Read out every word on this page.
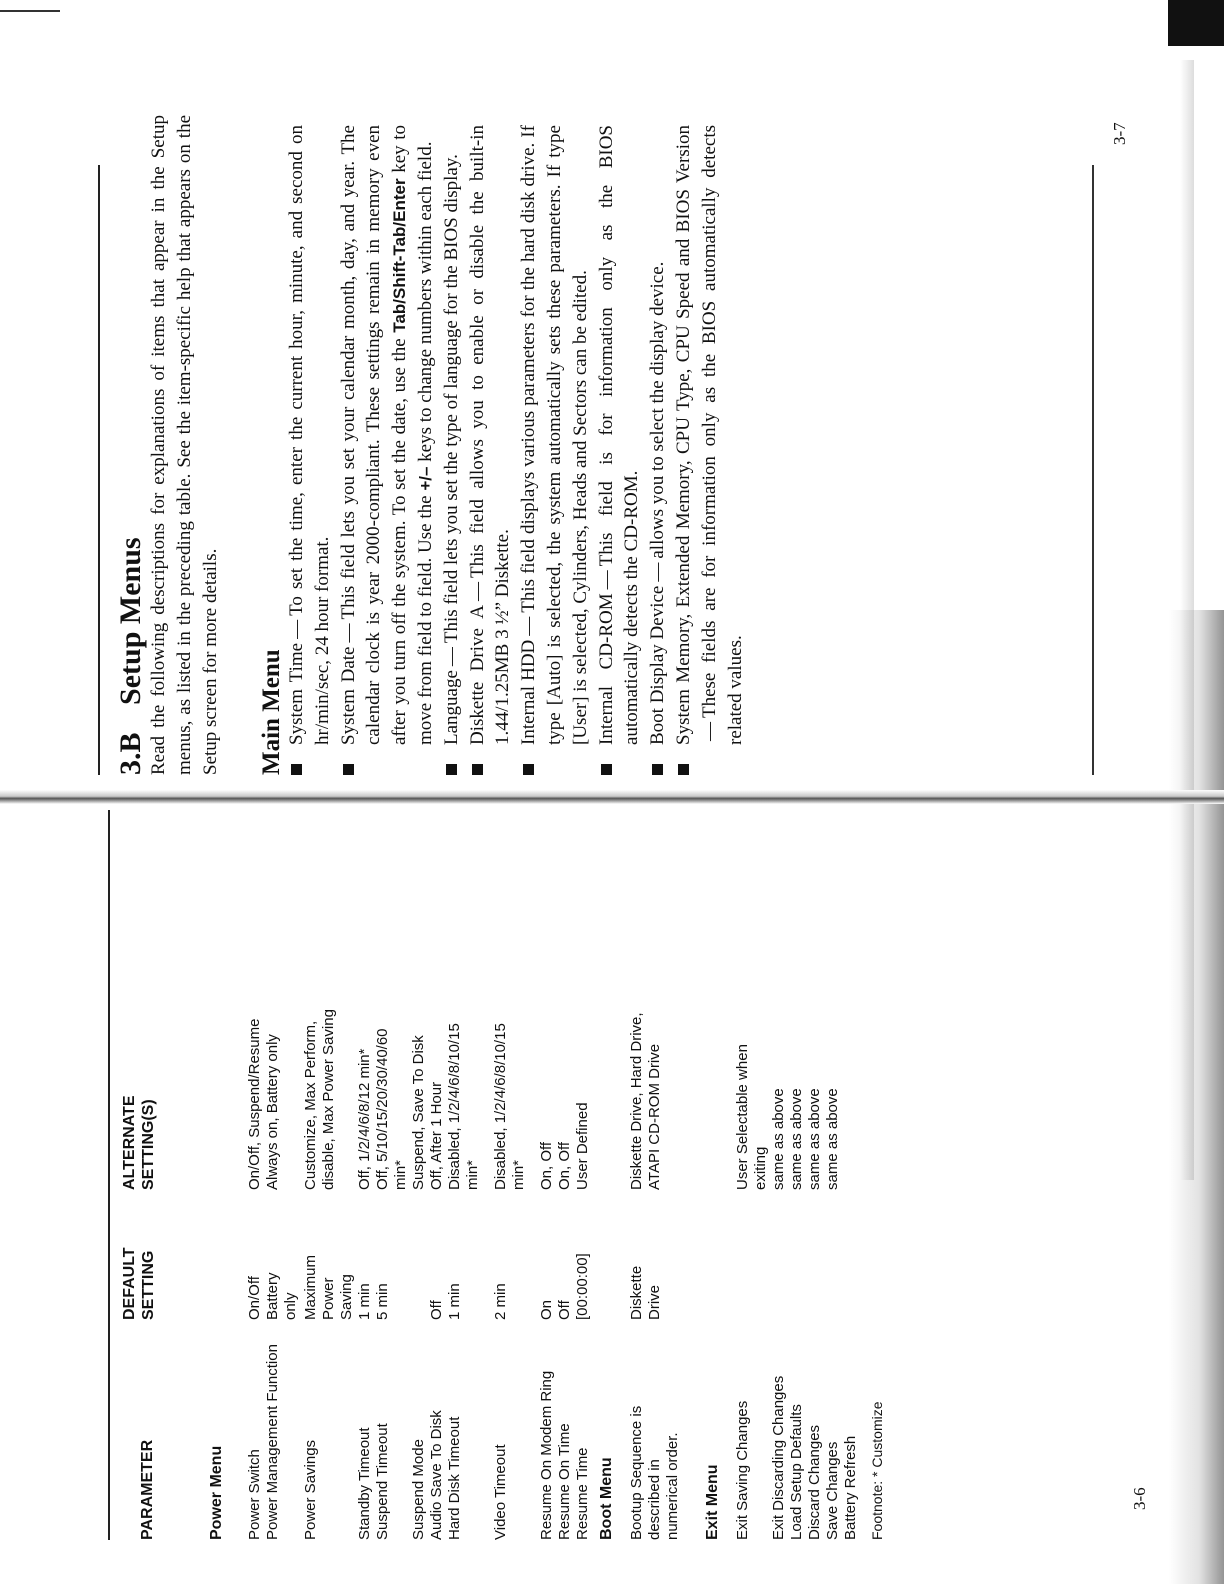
3.B Setup Menus Read the following descriptions for explanations of items that appear in the Setup menus, as listed in the preceding table. See the item-specific help that appears on the Setup screen for more details. Main Menu System Time—To set the time, enter the current hour, minute, and second on hr/min/sec, 24 hour format. System Date—This field lets you set your calendar month, day, and year. The calendar clock is year 2000-compliant. These settings remain in memory even after you turn off the system. To set the date, use the Tab/Shift-Tab/Enter key to move from field to field. Use the +/– keys to change numbers within each field.
Language—This field lets you set the type of language for the BIOS display.
Diskette Drive A—This field allows you to enable or disable the built-in 1.44/1.25MB 3 ½” Diskette. Internal HDD—This field displays various parameters for the hard disk drive. If type [Auto] is selected, the system automatically sets these parameters. If type [User] is selected, Cylinders, Heads and Sectors can be edited. Internal CD-ROM—This field is for information only as the BIOS automatically detects the CD-ROM. Boot Display Device—allows you to select the display device. System Memory, Extended Memory, CPU Type, CPU Speed and BIOS Version —These fields are for information only as the BIOS automatically detects related values.
3-7
PARAMETER
DEFAULT
SETTING
ALTERNATE
SETTING(S)
Power Menu Power Switch
On/Off
On/Off, Suspend/Resume
Power Management Function
Battery
only
Always on, Battery only
Power Savings
Maximum
Power
Saving
Customize, Max Perform,
disable, Max Power Saving
Standby Timeout
1 min
Off, 1/2/4/6/8/12 min*
Suspend Timeout
5 min
Off, 5/10/15/20/30/40/60
min*
Suspend Mode
Suspend, Save To Disk
Audio Save To Disk
Off
Off, After 1 Hour
Hard Disk Timeout
1 min
Disabled, 1/2/4/6/8/10/15
min*
Video Timeout
2 min
Disabled, 1/2/4/6/8/10/15
min*
Resume On Modem Ring
On
On, Off
Resume On Time
Off
On, Off
Resume Time
[00:00:00]
User Defined
Boot Menu Bootup Sequence is
described in
numerical order.
Diskette
Drive
Diskette Drive, Hard Drive,
ATAPI CD-ROM Drive
Exit Menu Exit Saving Changes
User Selectable when
exiting
Exit Discarding Changes
same as above
Load Setup Defaults
same as above
Discard Changes
same as above
Save Changes
same as above
Battery Refresh Footnote: * Customize	3-6
